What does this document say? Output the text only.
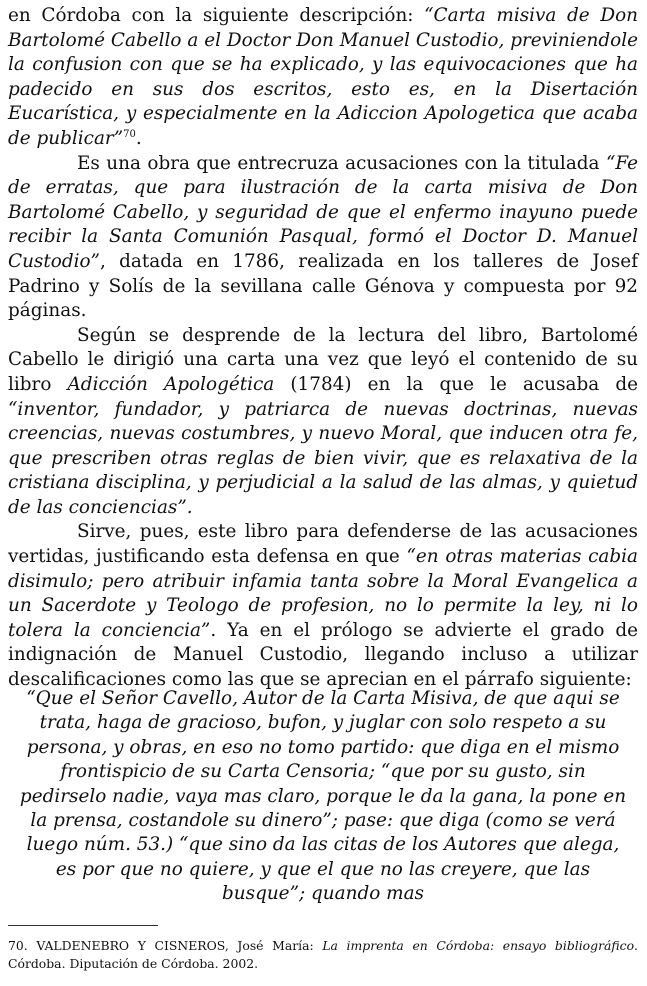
en Córdoba con la siguiente descripción: “Carta misiva de Don Bartolomé Cabello a el Doctor Don Manuel Custodio, previniendole la confusion con que se ha explicado, y las equivocaciones que ha padecido en sus dos escritos, esto es, en la Disertación Eucarística, y especialmente en la Adiccion Apologetica que acaba de publicar”$^{70}$.

Es una obra que entrecruza acusaciones con la titulada “Fe de erratas, que para ilustración de la carta misiva de Don Bartolomé Cabello, y seguridad de que el enfermo inayuno puede recibir la Santa Comunión Pasqual, formó el Doctor D. Manuel Custodio”, datada en 1786, realizada en los talleres de Josef Padrino y Solís de la sevillana calle Génova y compuesta por 92 páginas.

Según se desprende de la lectura del libro, Bartolomé Cabello le dirigió una carta una vez que leyó el contenido de su libro Adicción Apologética (1784) en la que le acusaba de “inventor, fundador, y patriarca de nuevas doctrinas, nuevas creencias, nuevas costumbres, y nuevo Moral, que inducen otra fe, que prescriben otras reglas de bien vivir, que es relaxativa de la cristiana disciplina, y perjudicial a la salud de las almas, y quietud de las conciencias”.

Sirve, pues, este libro para defenderse de las acusaciones vertidas, justificando esta defensa en que “en otras materias cabia disimulo; pero atribuir infamia tanta sobre la Moral Evangelica a un Sacerdote y Teologo de profesion, no lo permite la ley, ni lo tolera la conciencia”. Ya en el prólogo se advierte el grado de indignación de Manuel Custodio, llegando incluso a utilizar descalificaciones como las que se aprecian en el párrafo siguiente:

“Que el Señor Cavello, Autor de la Carta Misiva, de que aqui se trata, haga de gracioso, bufon, y juglar con solo respeto a su persona, y obras, en eso no tomo partido: que diga en el mismo frontispicio de su Carta Censoria; “que por su gusto, sin pedirselo nadie, vaya mas claro, porque le da la gana, la pone en la prensa, costandole su dinero”; pase: que diga (como se verá luego núm. 53.) “que sino da las citas de los Autores que alega, es por que no quiere, y que el que no las creyere, que las busque”; quando mas

70. VALDENEBRO Y CISNEROS, José María: La imprenta en Córdoba: ensayo bibliográfico. Córdoba. Diputación de Córdoba. 2002.
